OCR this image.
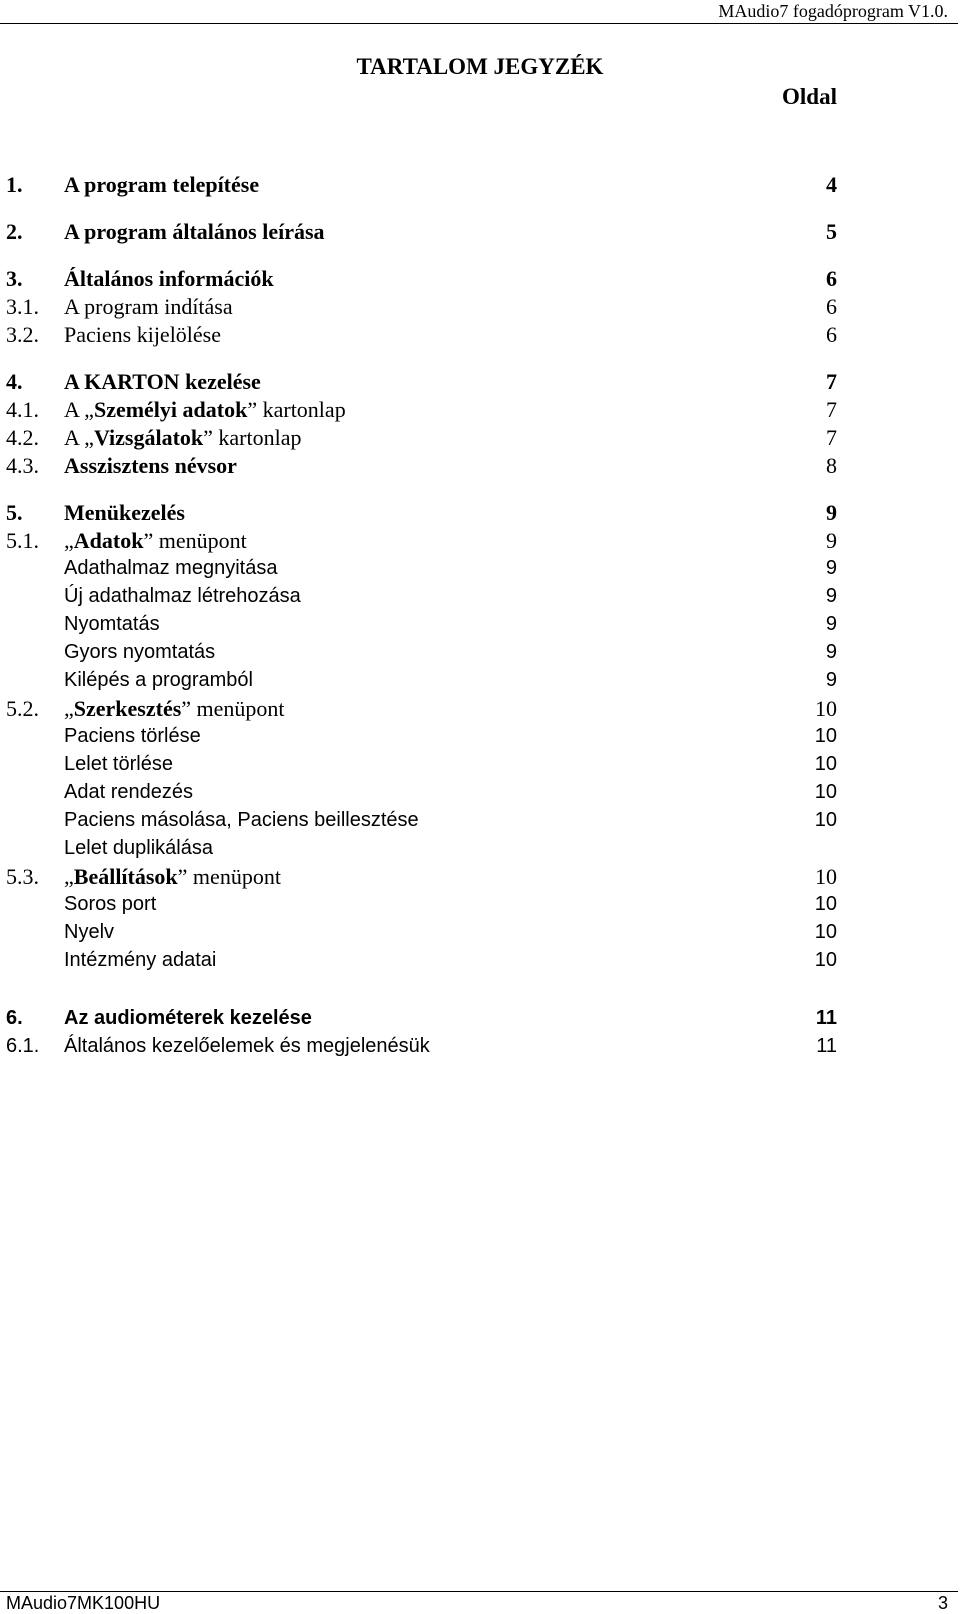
MAudio7 fogadóprogram V1.0.
TARTALOM JEGYZÉK
Oldal
1. A program telepítése	4
2. A program általános leírása	5
3. Általános információk	6
3.1. A program indítása	6
3.2. Paciens kijelölése	6
4. A KARTON kezelése	7
4.1. A „Személyi adatok” kartonlap	7
4.2. A „Vizsgálatok” kartonlap	7
4.3. Asszisztens névsor	8
5. Menükezelés	9
5.1. „Adatok” menüpont	9
Adathalmaz megnyitása	9
Új adathalmaz létrehozása	9
Nyomtatás	9
Gyors nyomtatás	9
Kilépés a programból	9
5.2. „Szerkesztés” menüpont	10
Paciens törlése	10
Lelet törlése	10
Adat rendezés	10
Paciens másolása, Paciens beillesztése	10
Lelet duplikálása
5.3. „Beállítások” menüpont	10
Soros port	10
Nyelv	10
Intézmény adatai	10
6. Az audiométerek kezelése	11
6.1. Általános kezelőelemek és megjelenésük	11
MAudio7MK100HU	3
